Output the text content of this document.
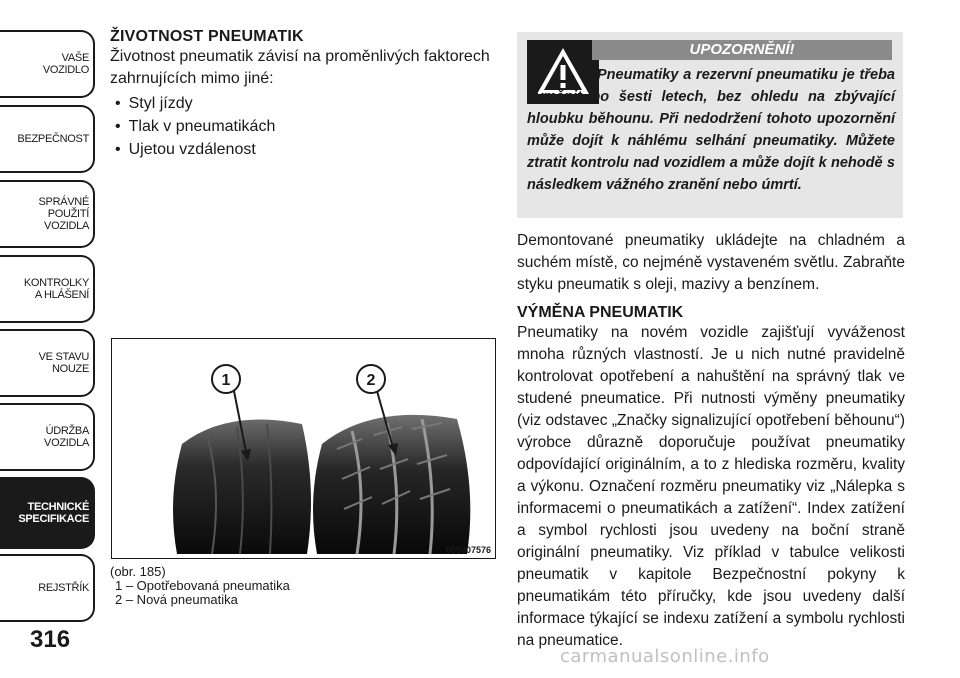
VAŠE
VOZIDLO
BEZPEČNOST
SPRÁVNÉ
POUŽITÍ
VOZIDLA
KONTROLKY
A HLÁŠENÍ
VE STAVU
NOUZE
ÚDRŽBA
VOZIDLA
TECHNICKÉ
SPECIFIKACE
REJSTŘÍK
316
ŽIVOTNOST PNEUMATIK

Životnost pneumatik závisí na proměnlivých faktorech zahrnujících mimo jiné:

• Styl jízdy
• Tlak v pneumatikách
• Ujetou vzdálenost
1	2
055007576
(obr. 185)
1 – Opotřebovaná pneumatika
2 – Nová pneumatika
UPOZORNĚNÍ!
Pneumatiky a rezervní pneumatiku je třeba vyměnit po šesti letech, bez ohledu na zbývající hloubku běhounu. Při nedodržení tohoto upozornění může dojít k náhlému selhání pneumatiky. Můžete ztratit kontrolu nad vozidlem a může dojít k nehodě s následkem vážného zranění nebo úmrtí.

Demontované pneumatiky ukládejte na chladném a suchém místě, co nejméně vystaveném světlu. Zabraňte styku pneumatik s oleji, mazivy a benzínem.

VÝMĚNA PNEUMATIK

Pneumatiky na novém vozidle zajišťují vyváženost mnoha různých vlastností. Je u nich nutné pravidelně kontrolovat opotřebení a nahuštění na správný tlak ve studené pneumatice. Při nutnosti výměny pneumatiky (viz odstavec „Značky signalizující opotřebení běhounu“) výrobce důrazně doporučuje používat pneumatiky odpovídající originálním, a to z hlediska rozměru, kvality a výkonu. Označení rozměru pneumatiky viz „Nálepka s informacemi o pneumatikách a zatížení“. Index zatížení a symbol rychlosti jsou uvedeny na boční straně originální pneumatiky. Viz příklad v tabulce velikosti pneumatik v kapitole Bezpečnostní pokyny k pneumatikám této příručky, kde jsou uvedeny další informace týkající se indexu zatížení a symbolu rychlosti na pneumatice.

carmanualsonline.info
